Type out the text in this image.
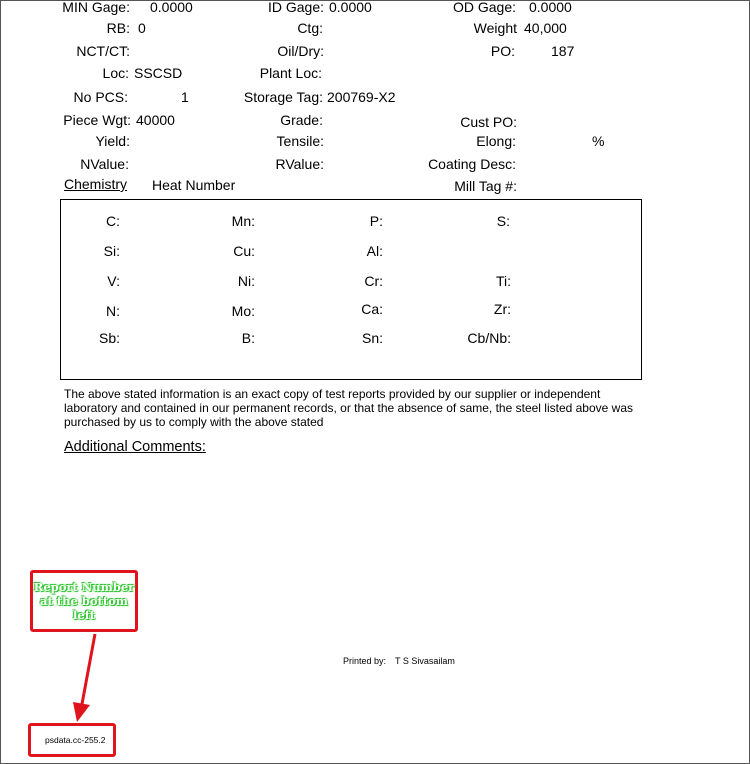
MIN Gage: 0.0000	ID Gage: 0.0000	OD Gage: 0.0000
RB: 0	Ctg:	Weight 40,000
NCT/CT:	Oil/Dry:	PO:	187
Loc: SSCSD	Plant Loc:
No PCS:	1	Storage Tag: 200769-X2
Piece Wgt: 40000	Grade:	Cust PO:
Yield:	Tensile:	Elong:	%
NValue:	RValue:	Coating Desc:
Chemistry Heat Number	Mill Tag #:
C:	Mn:	P:	S:
Si:	Cu:	Al:
V:	Ni:	Cr:	Ti:
N:	Mo:	Ca:	Zr:
Sb:	B:	Sn:	Cb/Nb:
The above stated information is an exact copy of test reports provided by our supplier or independent laboratory and contained in our permanent records, or that the absence of same, the steel listed above was purchased by us to comply with the above stated
Additional Comments:
Printed by: T S Sivasailam
Report Number at the bottom left
psdata.cc-255.2
